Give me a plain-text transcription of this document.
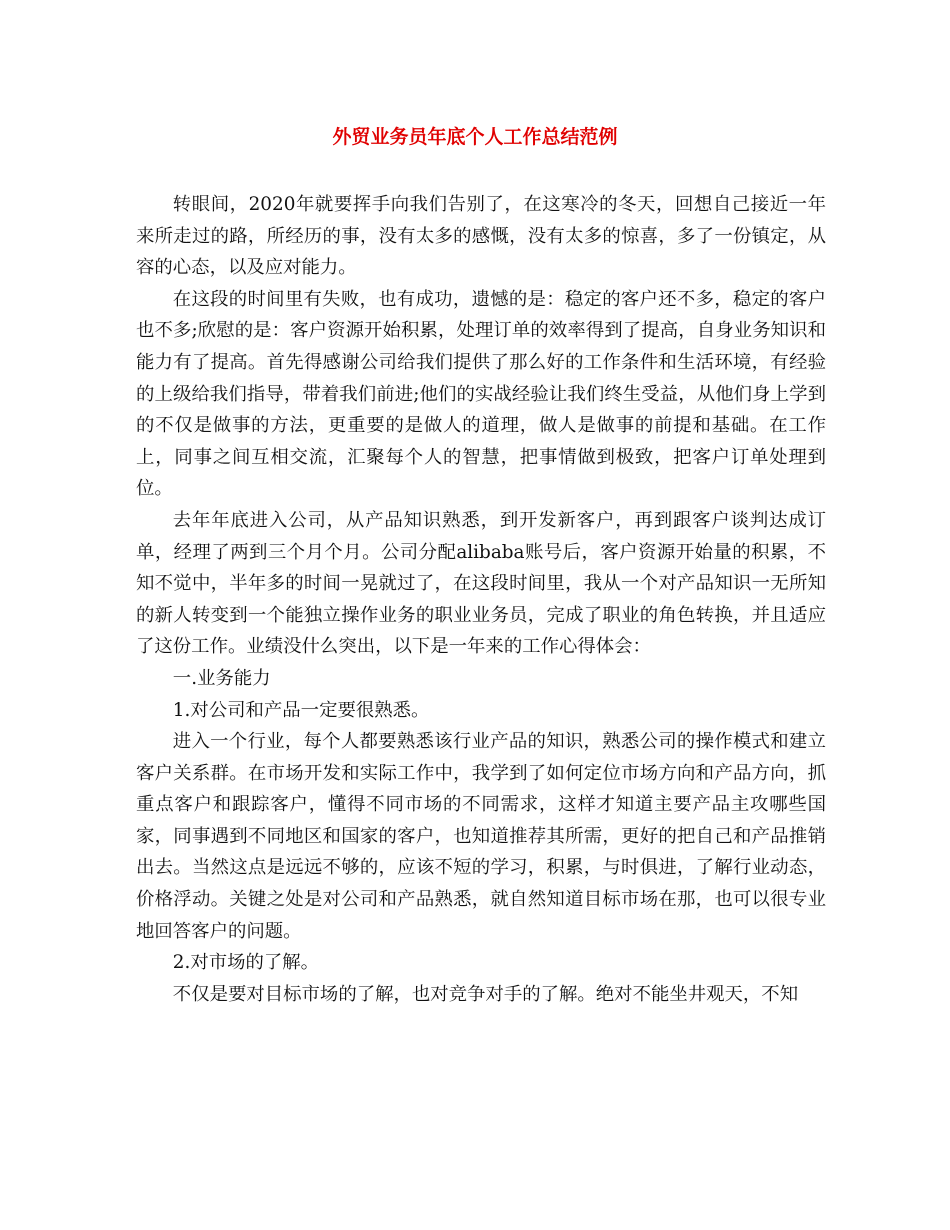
外贸业务员年底个人工作总结范例

转眼间，2020年就要挥手向我们告别了，在这寒冷的冬天，回想自己接近一年来所走过的路，所经历的事，没有太多的感慨，没有太多的惊喜，多了一份镇定，从容的心态，以及应对能力。

在这段的时间里有失败，也有成功，遗憾的是：稳定的客户还不多，稳定的客户也不多;欣慰的是：客户资源开始积累，处理订单的效率得到了提高，自身业务知识和能力有了提高。首先得感谢公司给我们提供了那么好的工作条件和生活环境，有经验的上级给我们指导，带着我们前进;他们的实战经验让我们终生受益，从他们身上学到的不仅是做事的方法，更重要的是做人的道理，做人是做事的前提和基础。在工作上，同事之间互相交流，汇聚每个人的智慧，把事情做到极致，把客户订单处理到位。

去年年底进入公司，从产品知识熟悉，到开发新客户，再到跟客户谈判达成订单，经理了两到三个月个月。公司分配alibaba账号后，客户资源开始量的积累，不知不觉中，半年多的时间一晃就过了，在这段时间里，我从一个对产品知识一无所知的新人转变到一个能独立操作业务的职业业务员，完成了职业的角色转换，并且适应了这份工作。业绩没什么突出，以下是一年来的工作心得体会：

一.业务能力

1.对公司和产品一定要很熟悉。

进入一个行业，每个人都要熟悉该行业产品的知识，熟悉公司的操作模式和建立客户关系群。在市场开发和实际工作中，我学到了如何定位市场方向和产品方向，抓重点客户和跟踪客户，懂得不同市场的不同需求，这样才知道主要产品主攻哪些国家，同事遇到不同地区和国家的客户，也知道推荐其所需，更好的把自己和产品推销出去。当然这点是远远不够的，应该不短的学习，积累，与时俱进，了解行业动态，价格浮动。关键之处是对公司和产品熟悉，就自然知道目标市场在那，也可以很专业地回答客户的问题。

2.对市场的了解。

不仅是要对目标市场的了解，也对竞争对手的了解。绝对不能坐井观天，不知
